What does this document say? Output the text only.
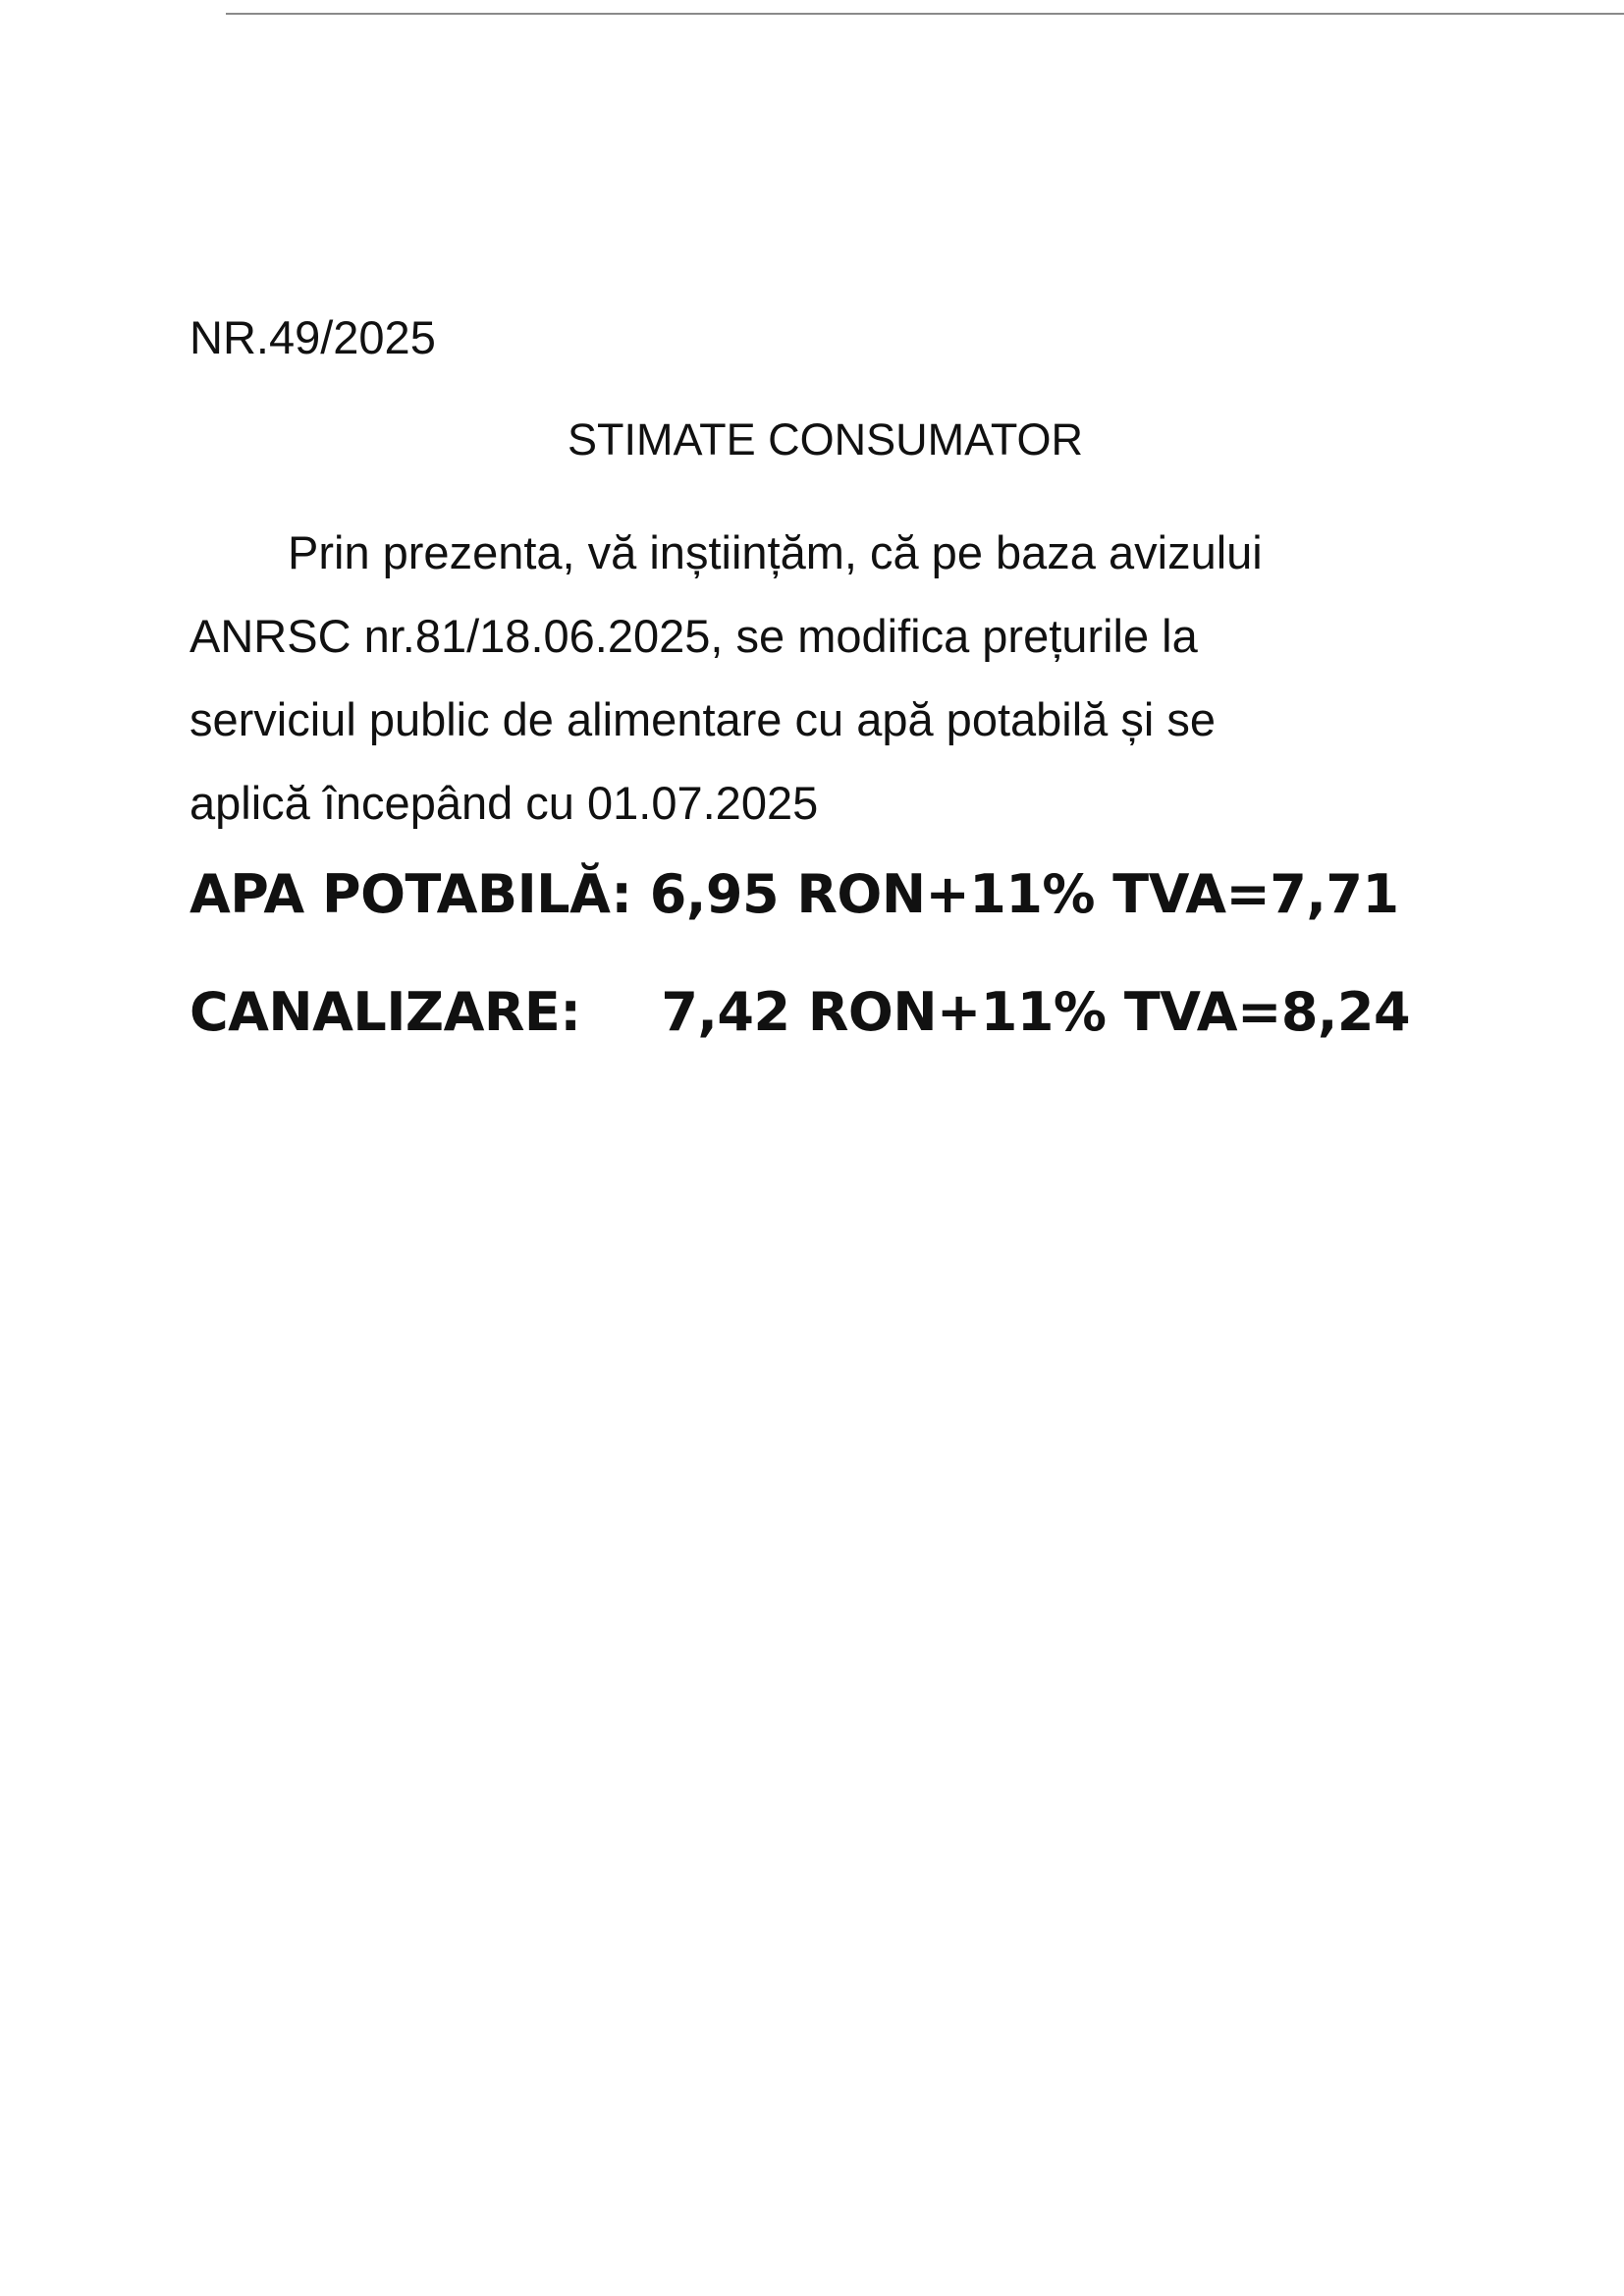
NR.49/2025
STIMATE CONSUMATOR
Prin prezenta, vă inștiințăm, că pe baza avizului
ANRSC nr.81/18.06.2025, se modifica prețurile la
serviciul public de alimentare cu apă potabilă și se
aplică începând cu 01.07.2025
APA POTABILĂ: 6,95 RON+11% TVA=7,71
CANALIZARE: 7,42 RON+11% TVA=8,24
